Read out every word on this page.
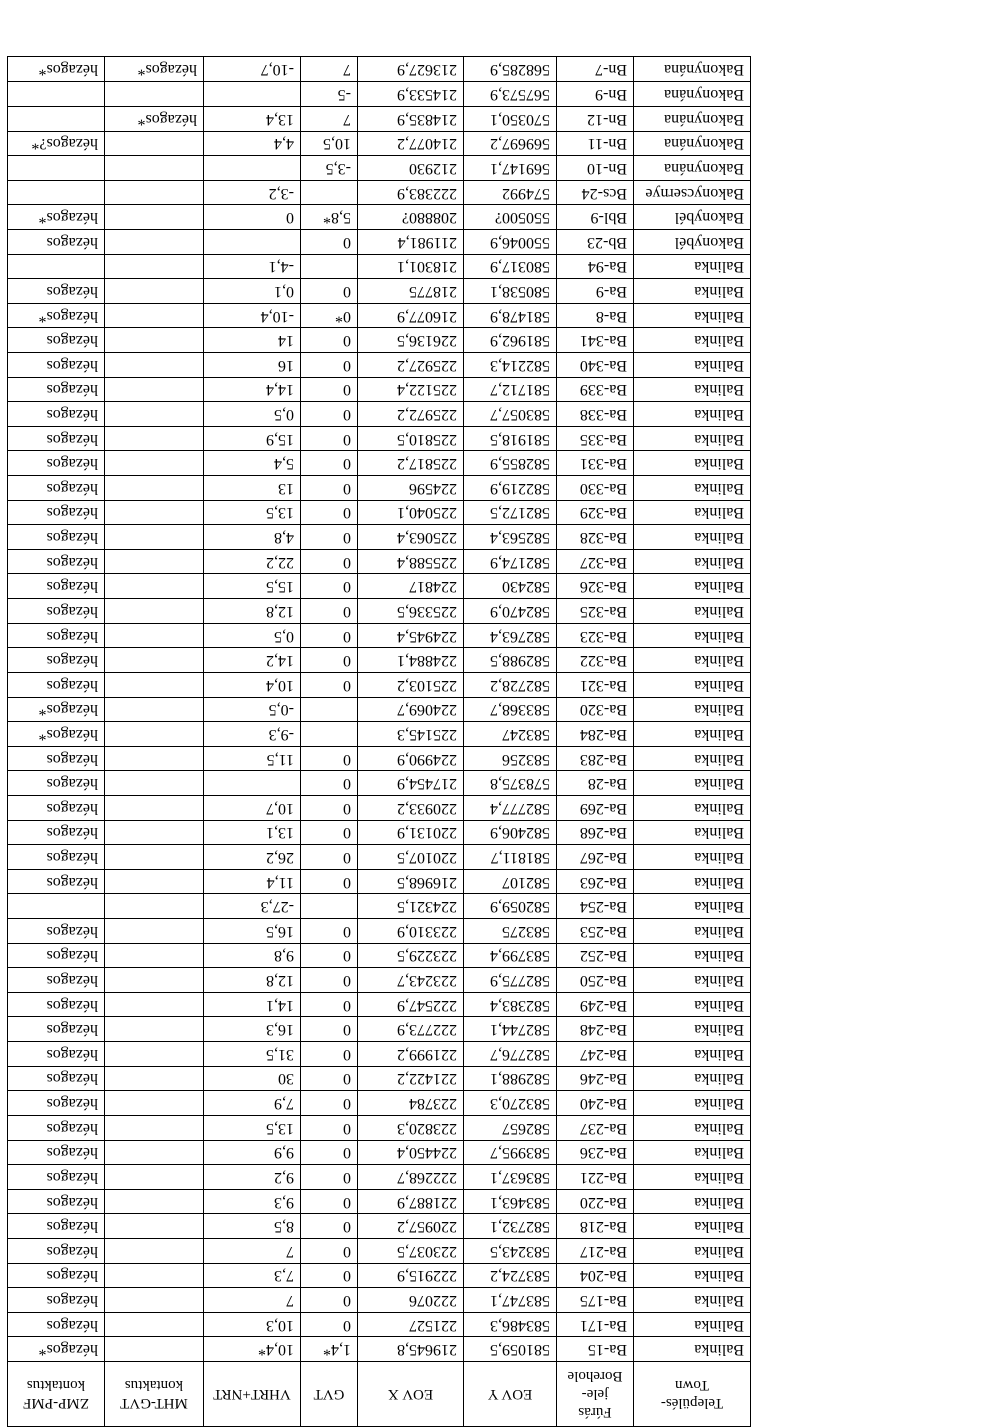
Település-
Town	Fúrás
jele-
Borehole	EOV Y	EOV X	GVT	VHRT+NRT	MHT-GVT
kontaktus	ZMP-PMF
kontaktus
Balinka	Ba-15	581059,5	219645,8	1,4*	10,4*		hézagos*
Balinka	Ba-171	583486,3	221527	0	10,3		hézagos
Balinka	Ba-175	583747,1	222076	0	7		hézagos
Balinka	Ba-204	583724,2	222915,9	0	7,3		hézagos
Balinka	Ba-217	583243,5	223037,5	0	7		hézagos
Balinka	Ba-218	582732,1	220957,2	0	8,5		hézagos
Balinka	Ba-220	583463,1	221887,9	0	9,3		hézagos
Balinka	Ba-221	583637,1	222268,7	0	9,2		hézagos
Balinka	Ba-236	583995,7	224450,4	0	9,9		hézagos
Balinka	Ba-237	582657	223820,3	0	13,5		hézagos
Balinka	Ba-240	583270,3	223784	0	7,9		hézagos
Balinka	Ba-246	582988,1	221422,2	0	30		hézagos
Balinka	Ba-247	582776,7	221999,2	0	31,5		hézagos
Balinka	Ba-248	582744,1	222773,9	0	16,3		hézagos
Balinka	Ba-249	582383,4	222547,9	0	14,1		hézagos
Balinka	Ba-250	582775,9	223243,7	0	12,8		hézagos
Balinka	Ba-252	583799,4	223229,5	0	9,8		hézagos
Balinka	Ba-253	583275	223310,9	0	16,5		hézagos
Balinka	Ba-254	582059,9	224321,5		-27,3		
Balinka	Ba-263	582107	216968,5	0	11,4		hézagos
Balinka	Ba-267	581811,7	220107,5	0	26,2		hézagos
Balinka	Ba-268	582406,9	220131,9	0	13,1		hézagos
Balinka	Ba-269	582777,4	220933,2	0	10,7		hézagos
Balinka	Ba-28	578375,8	217454,9	0			hézagos
Balinka	Ba-283	583256	224990,9	0	11,5		hézagos
Balinka	Ba-284	583247	225145,3		-9,3		hézagos*
Balinka	Ba-320	583368,7	224069,7		-0,5		hézagos*
Balinka	Ba-321	582728,2	225103,2	0	10,4		hézagos
Balinka	Ba-322	582988,5	224884,1	0	14,2		hézagos
Balinka	Ba-323	582763,4	224945,4	0	0,5		hézagos
Balinka	Ba-325	582470,9	225336,5	0	12,8		hézagos
Balinka	Ba-326	582430	224817	0	15,5		hézagos
Balinka	Ba-327	582174,9	225588,4	0	22,2		hézagos
Balinka	Ba-328	582563,4	225063,4	0	4,8		hézagos
Balinka	Ba-329	582172,5	225040,1	0	13,5		hézagos
Balinka	Ba-330	582219,9	224596	0	13		hézagos
Balinka	Ba-331	582855,9	225817,2	0	5,4		hézagos
Balinka	Ba-335	581918,5	225810,5	0	15,9		hézagos
Balinka	Ba-338	583057,7	225972,2	0	0,5		hézagos
Balinka	Ba-339	581712,7	225122,4	0	14,4		hézagos
Balinka	Ba-340	582214,3	225927,2	0	16		hézagos
Balinka	Ba-341	581962,9	226136,5	0	14		hézagos
Balinka	Ba-8	581478,9	216077,9	0*	-10,4		hézagos*
Balinka	Ba-9	580538,1	218775	0	0,1		hézagos
Balinka	Ba-94	580317,9	218301,1		-4,1		
Bakonybél	Bb-23	550046,9	211981,4	0			hézagos
Bakonybél	Bbl-9	550500?	208880?	5,8*	0		hézagos*
Bakonycsernye	Bcs-24	574992	222383,9		-3,2		
Bakonynána	Bn-10	569147,1	212930	-3,5			
Bakonynána	Bn-11	569697,2	214077,2	10,5	4,4		hézagos?*
Bakonynána	Bn-12	570350,1	214835,9	7	13,4	hézagos*	
Bakonynána	Bn-9	567573,9	214533,9	-5			
Bakonynána	Bn-7	568285,9	213627,9	7	-10,7	hézagos*	hézagos*
